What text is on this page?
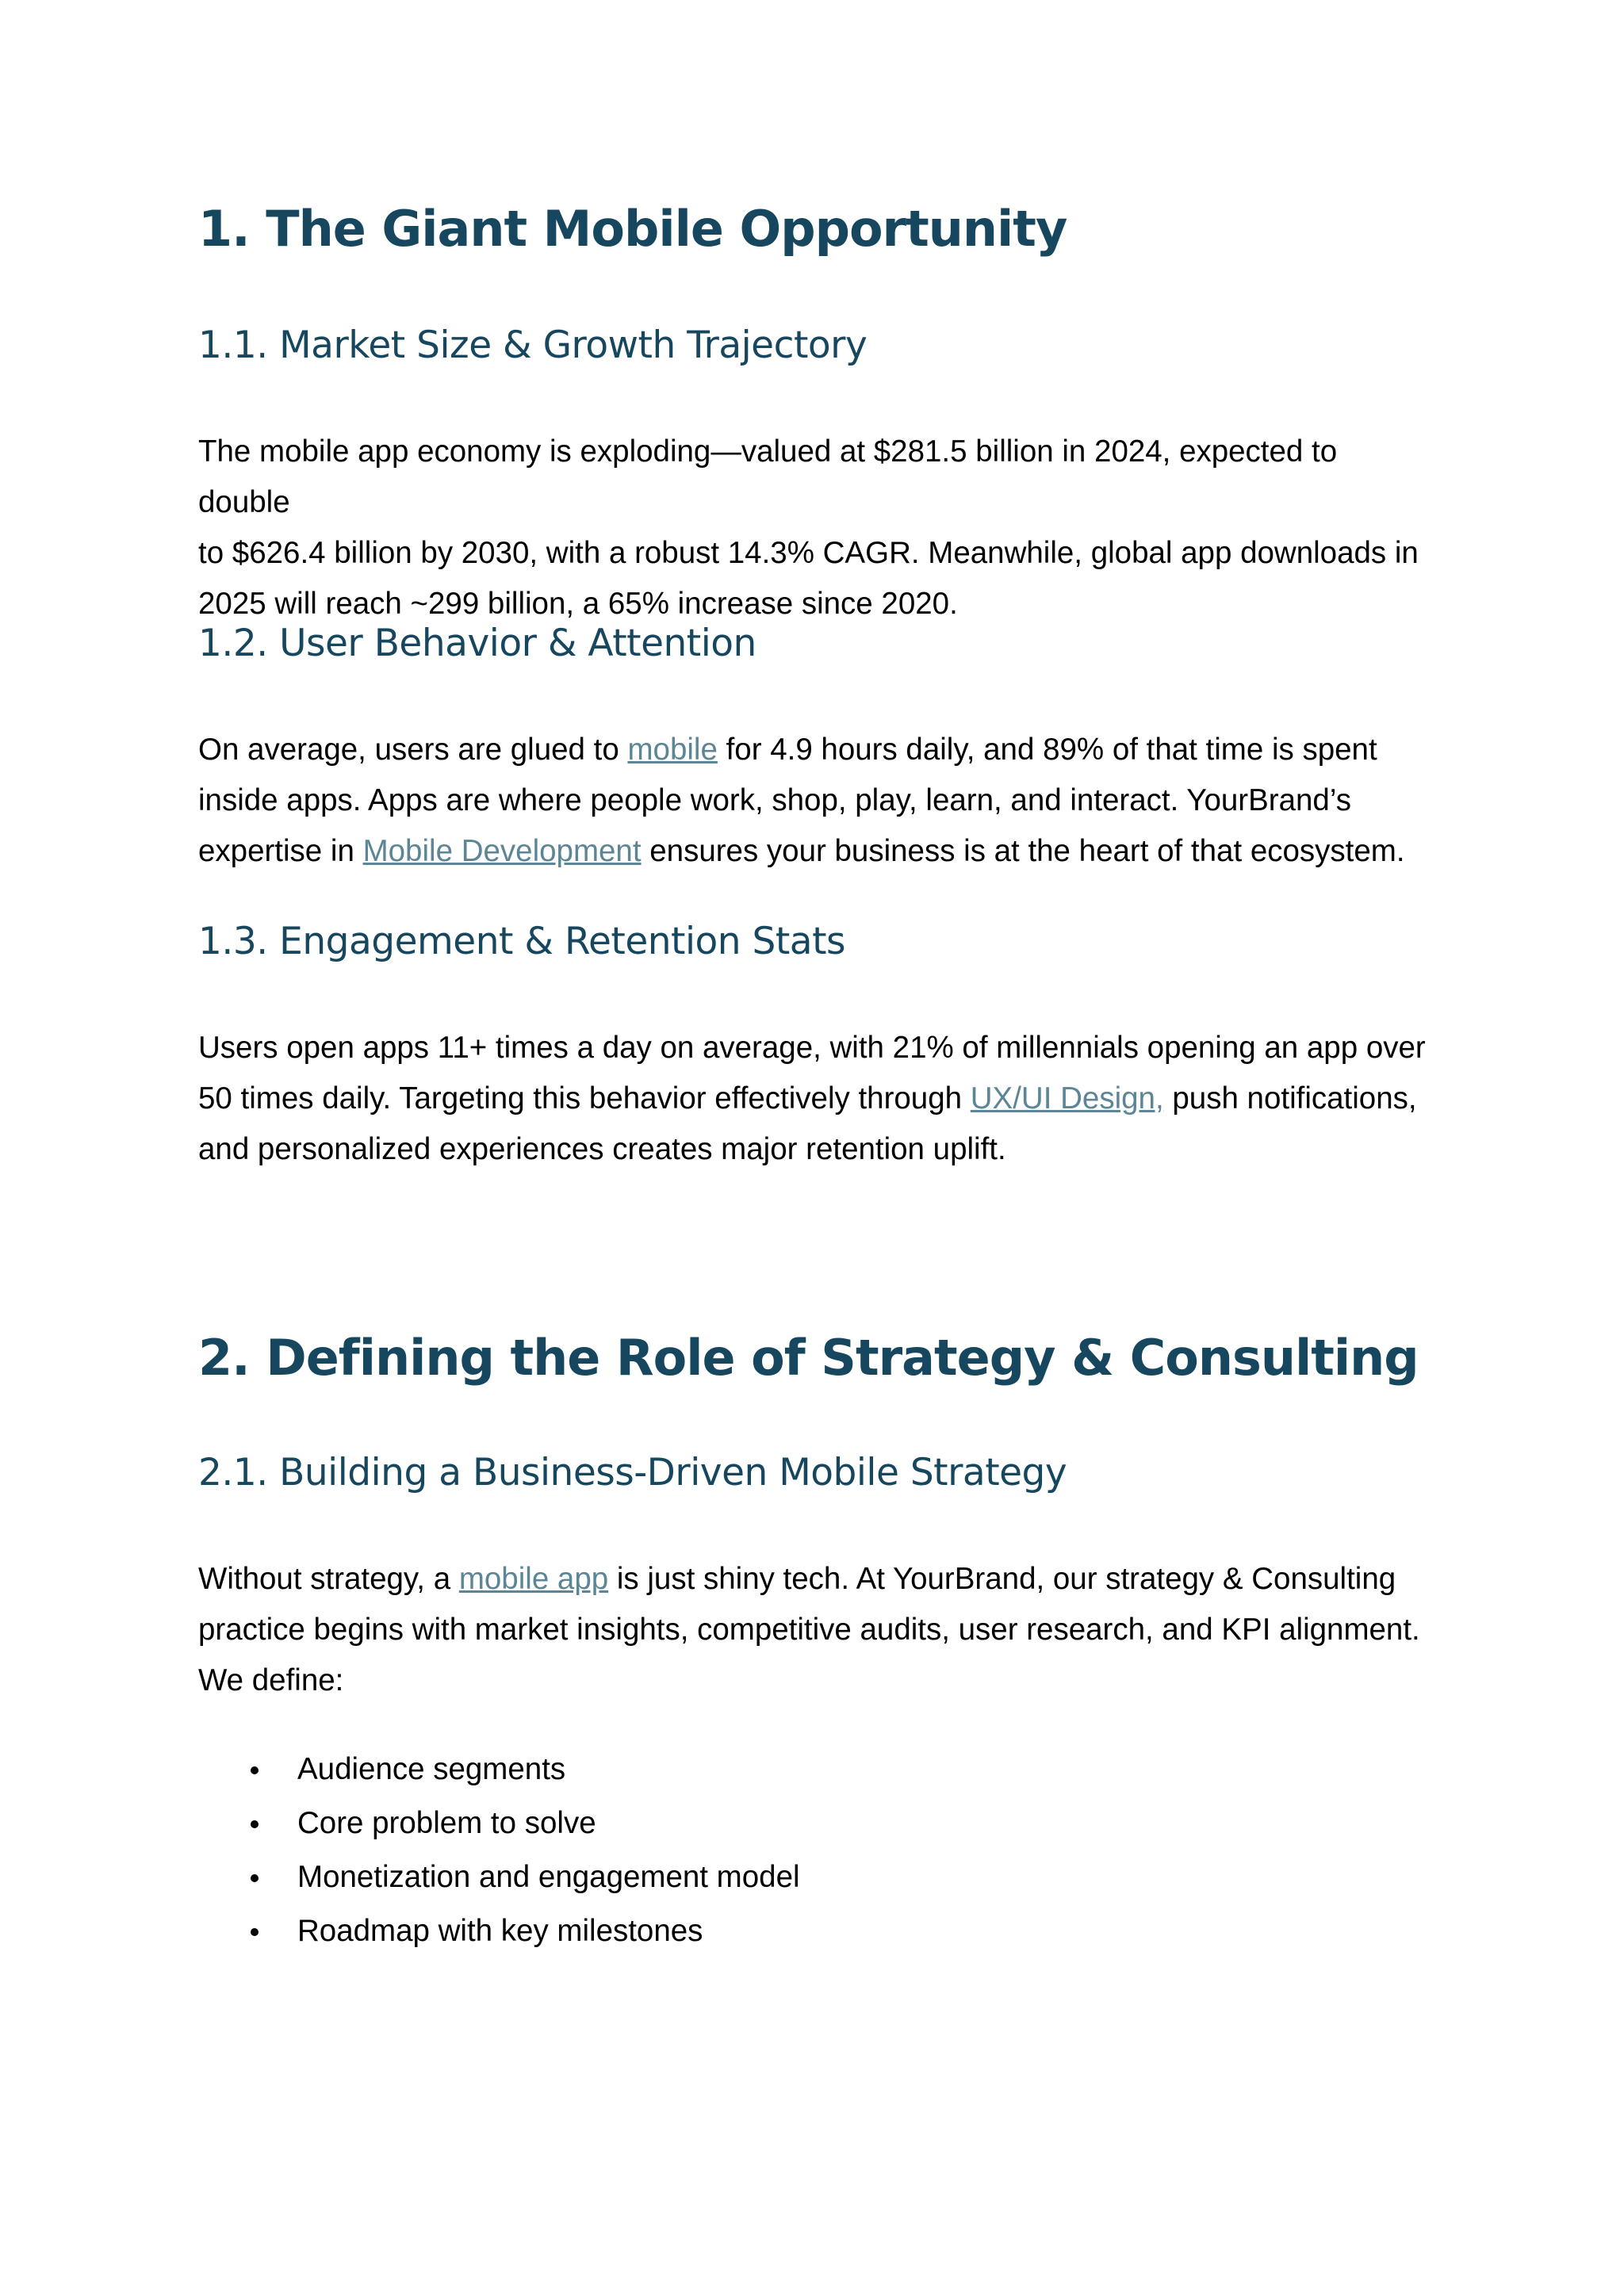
1. The Giant Mobile Opportunity
1.1. Market Size & Growth Trajectory

The mobile app economy is exploding—valued at $281.5 billion in 2024, expected to double
to $626.4 billion by 2030, with a robust 14.3% CAGR. Meanwhile, global app downloads in
2025 will reach ~299 billion, a 65% increase since 2020.

1.2. User Behavior & Attention

On average, users are glued to mobile for 4.9 hours daily, and 89% of that time is spent
inside apps. Apps are where people work, shop, play, learn, and interact. YourBrand’s
expertise in Mobile Development ensures your business is at the heart of that ecosystem.

1.3. Engagement & Retention Stats

Users open apps 11+ times a day on average, with 21% of millennials opening an app over
50 times daily. Targeting this behavior effectively through UX/UI Design, push notifications,
and personalized experiences creates major retention uplift.

2. Defining the Role of Strategy & Consulting
2.1. Building a Business-Driven Mobile Strategy

Without strategy, a mobile app is just shiny tech. At YourBrand, our strategy & Consulting
practice begins with market insights, competitive audits, user research, and KPI alignment.
We define:

Audience segments
Core problem to solve
Monetization and engagement model
Roadmap with key milestones
